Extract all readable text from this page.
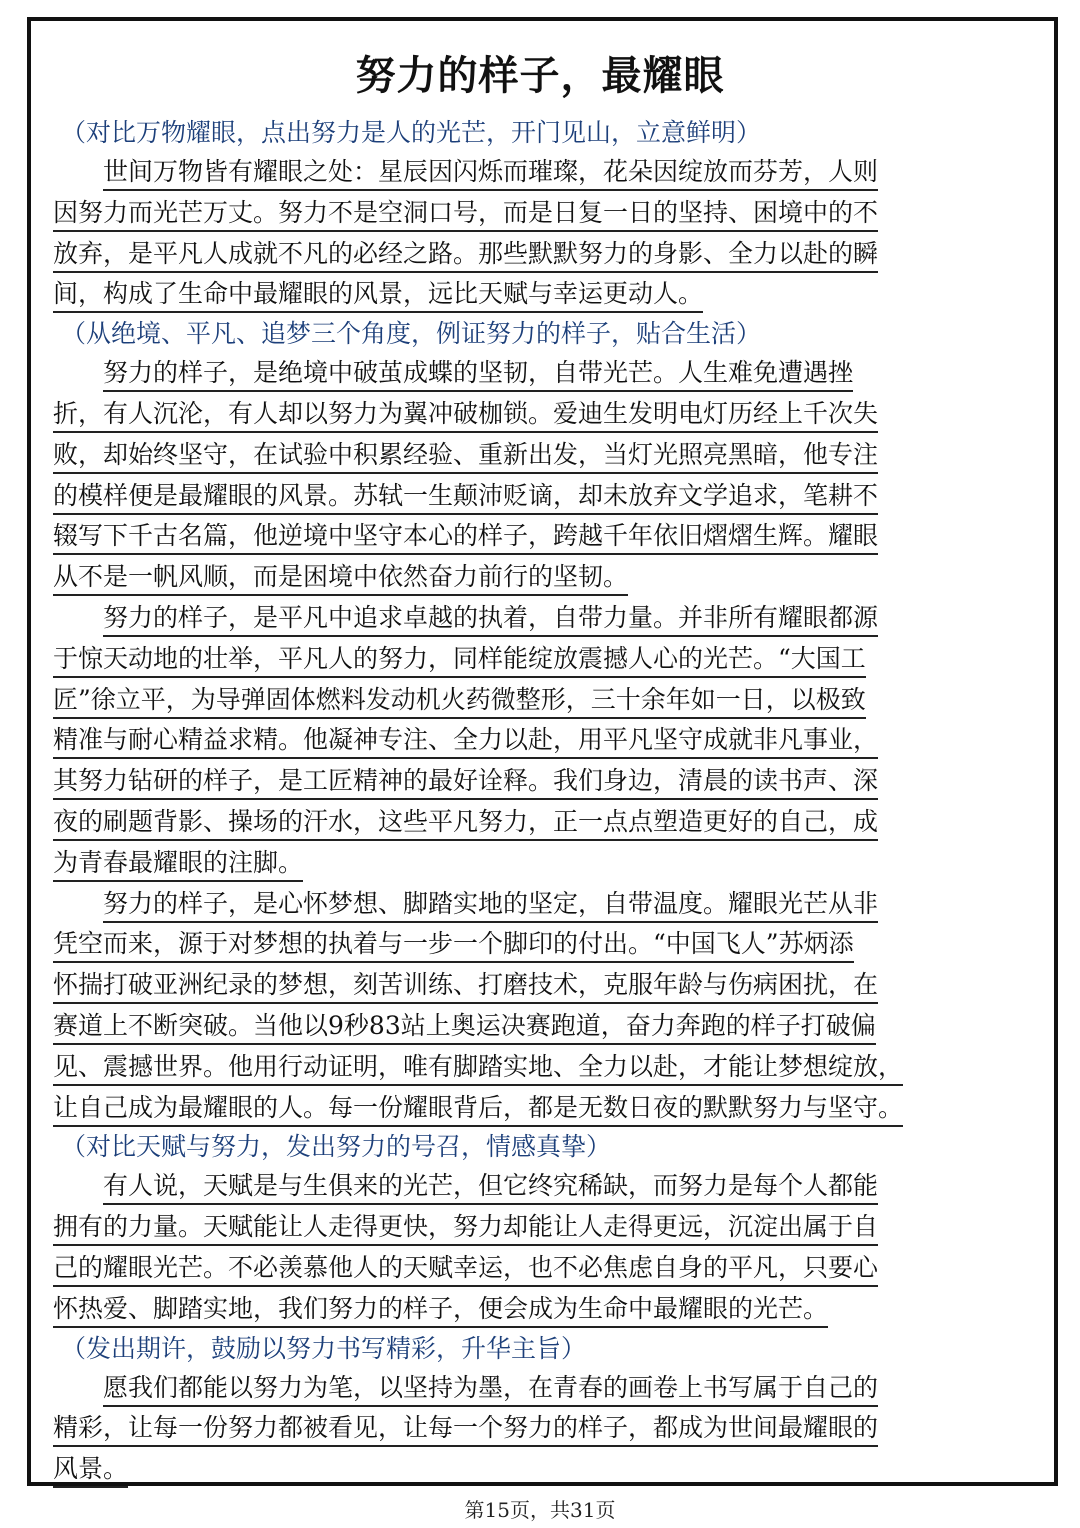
努力的样子，最耀眼
（对比万物耀眼，点出努力是人的光芒，开门见山，立意鲜明）
世间万物皆有耀眼之处：星辰因闪烁而璀璨，花朵因绽放而芬芳，人则
因努力而光芒万丈。努力不是空洞口号，而是日复一日的坚持、困境中的不
放弃，是平凡人成就不凡的必经之路。那些默默努力的身影、全力以赴的瞬
间，构成了生命中最耀眼的风景，远比天赋与幸运更动人。
（从绝境、平凡、追梦三个角度，例证努力的样子，贴合生活）
努力的样子，是绝境中破茧成蝶的坚韧，自带光芒。人生难免遭遇挫
折，有人沉沦，有人却以努力为翼冲破枷锁。爱迪生发明电灯历经上千次失
败，却始终坚守，在试验中积累经验、重新出发，当灯光照亮黑暗，他专注
的模样便是最耀眼的风景。苏轼一生颠沛贬谪，却未放弃文学追求，笔耕不
辍写下千古名篇，他逆境中坚守本心的样子，跨越千年依旧熠熠生辉。耀眼
从不是一帆风顺，而是困境中依然奋力前行的坚韧。
努力的样子，是平凡中追求卓越的执着，自带力量。并非所有耀眼都源
于惊天动地的壮举，平凡人的努力，同样能绽放震撼人心的光芒。“大国工
匠”徐立平，为导弹固体燃料发动机火药微整形，三十余年如一日，以极致
精准与耐心精益求精。他凝神专注、全力以赴，用平凡坚守成就非凡事业，
其努力钻研的样子，是工匠精神的最好诠释。我们身边，清晨的读书声、深
夜的刷题背影、操场的汗水，这些平凡努力，正一点点塑造更好的自己，成
为青春最耀眼的注脚。
努力的样子，是心怀梦想、脚踏实地的坚定，自带温度。耀眼光芒从非
凭空而来，源于对梦想的执着与一步一个脚印的付出。“中国飞人”苏炳添
怀揣打破亚洲纪录的梦想，刻苦训练、打磨技术，克服年龄与伤病困扰，在
赛道上不断突破。当他以9秒83站上奥运决赛跑道，奋力奔跑的样子打破偏
见、震撼世界。他用行动证明，唯有脚踏实地、全力以赴，才能让梦想绽放，
让自己成为最耀眼的人。每一份耀眼背后，都是无数日夜的默默努力与坚守。
（对比天赋与努力，发出努力的号召，情感真挚）
有人说，天赋是与生俱来的光芒，但它终究稀缺，而努力是每个人都能
拥有的力量。天赋能让人走得更快，努力却能让人走得更远，沉淀出属于自
己的耀眼光芒。不必羡慕他人的天赋幸运，也不必焦虑自身的平凡，只要心
怀热爱、脚踏实地，我们努力的样子，便会成为生命中最耀眼的光芒。
（发出期许，鼓励以努力书写精彩，升华主旨）
愿我们都能以努力为笔，以坚持为墨，在青春的画卷上书写属于自己的
精彩，让每一份努力都被看见，让每一个努力的样子，都成为世间最耀眼的
风景。
第15页，共31页
